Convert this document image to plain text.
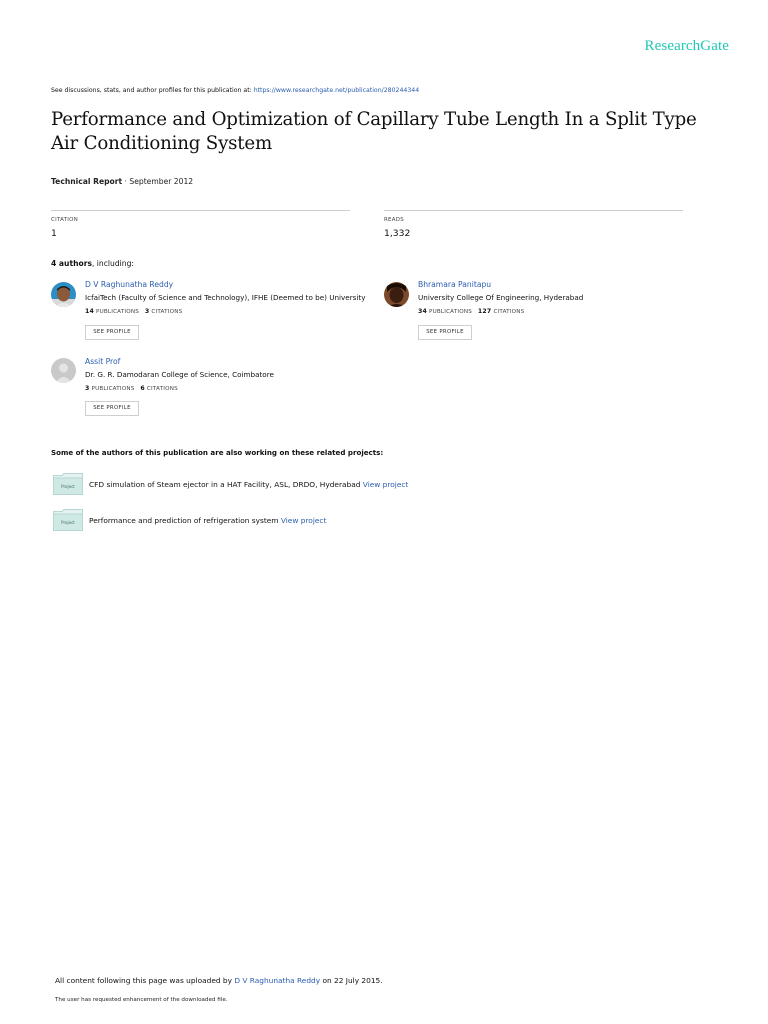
ResearchGate
See discussions, stats, and author profiles for this publication at: https://www.researchgate.net/publication/280244344
Performance and Optimization of Capillary Tube Length In a Split Type Air Conditioning System
Technical Report · September 2012
CITATION
1
READS
1,332
4 authors, including:
D V Raghunatha Reddy
IcfaiTech (Faculty of Science and Technology), IFHE (Deemed to be) University
14 PUBLICATIONS 3 CITATIONS
SEE PROFILE
Bhramara Panitapu
University College Of Engineering, Hyderabad
34 PUBLICATIONS 127 CITATIONS
SEE PROFILE
Assit Prof
Dr. G. R. Damodaran College of Science, Coimbatore
3 PUBLICATIONS 6 CITATIONS
SEE PROFILE
Some of the authors of this publication are also working on these related projects:
Project CFD simulation of Steam ejector in a HAT Facility, ASL, DRDO, Hyderabad View project
Project Performance and prediction of refrigeration system View project
All content following this page was uploaded by D V Raghunatha Reddy on 22 July 2015.
The user has requested enhancement of the downloaded file.
